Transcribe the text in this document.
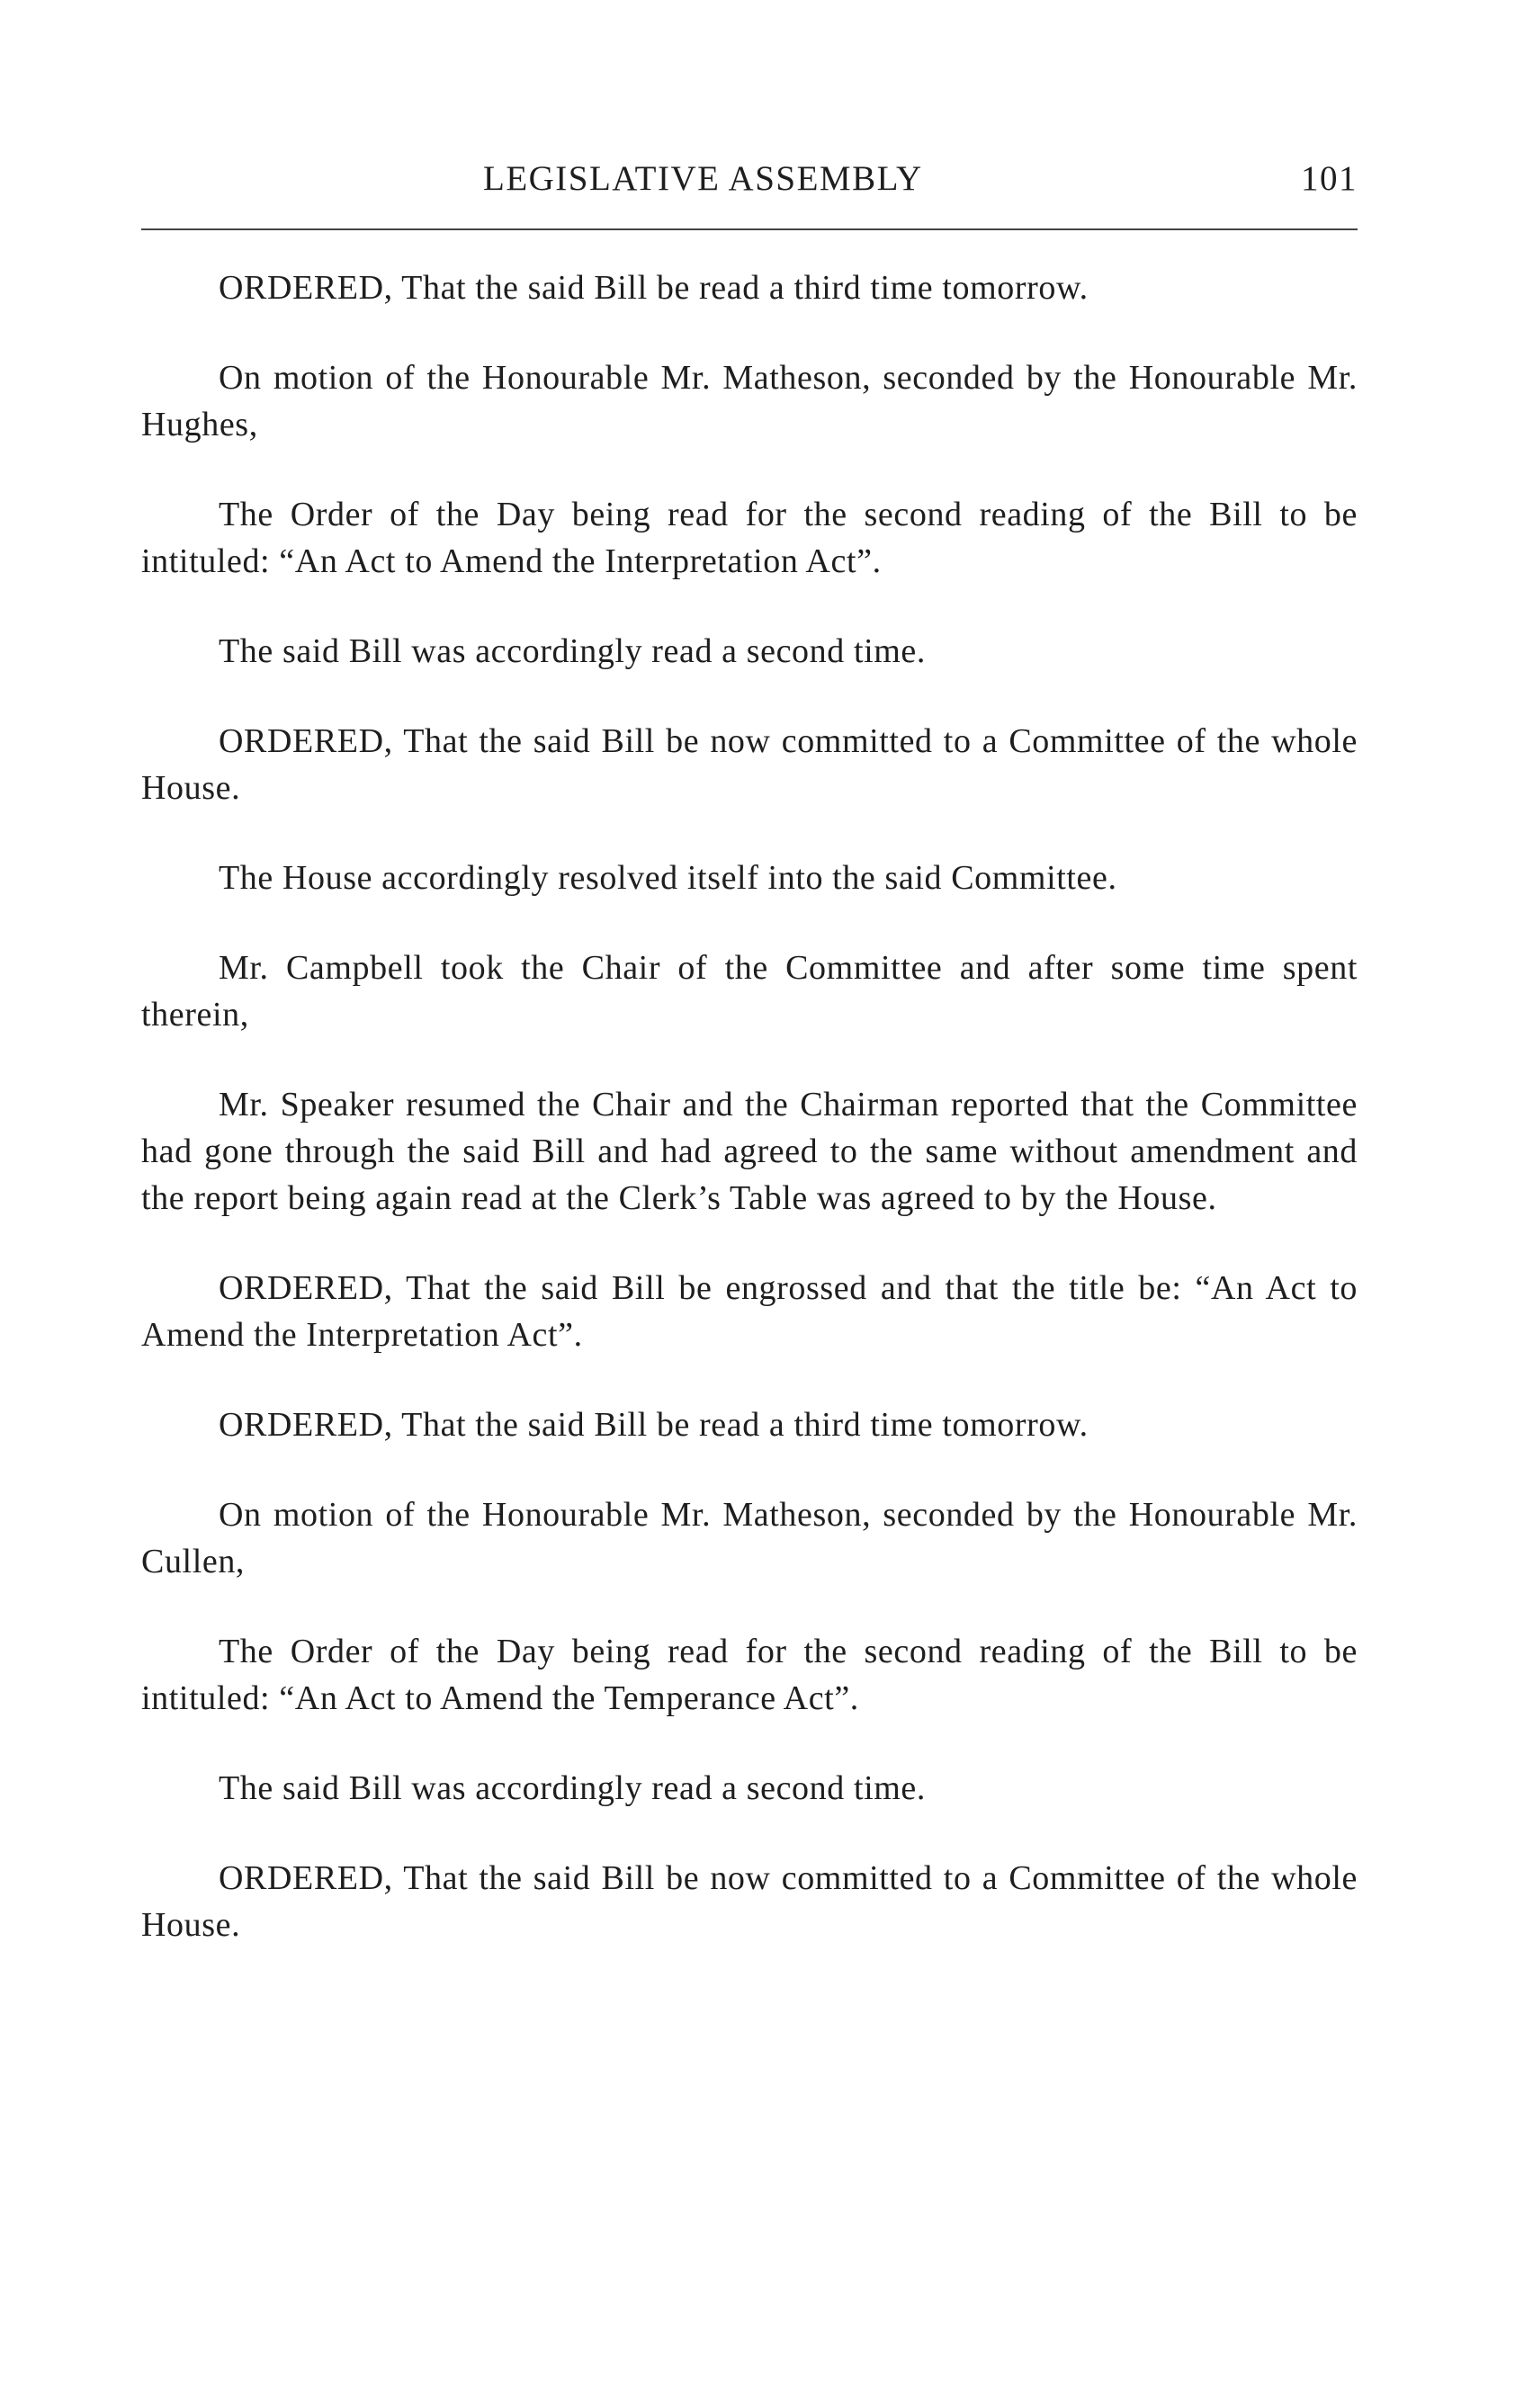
LEGISLATIVE ASSEMBLY	101

ORDERED, That the said Bill be read a third time tomorrow.

On motion of the Honourable Mr. Matheson, seconded by the Honourable Mr. Hughes,

The Order of the Day being read for the second reading of the Bill to be intituled: “An Act to Amend the Interpretation Act”.

The said Bill was accordingly read a second time.

ORDERED, That the said Bill be now committed to a Committee of the whole House.

The House accordingly resolved itself into the said Committee.

Mr. Campbell took the Chair of the Committee and after some time spent therein,

Mr. Speaker resumed the Chair and the Chairman reported that the Committee had gone through the said Bill and had agreed to the same without amendment and the report being again read at the Clerk’s Table was agreed to by the House.

ORDERED, That the said Bill be engrossed and that the title be: “An Act to Amend the Interpretation Act”.

ORDERED, That the said Bill be read a third time tomorrow.

On motion of the Honourable Mr. Matheson, seconded by the Honourable Mr. Cullen,

The Order of the Day being read for the second reading of the Bill to be intituled: “An Act to Amend the Temperance Act”.

The said Bill was accordingly read a second time.

ORDERED, That the said Bill be now committed to a Committee of the whole House.
